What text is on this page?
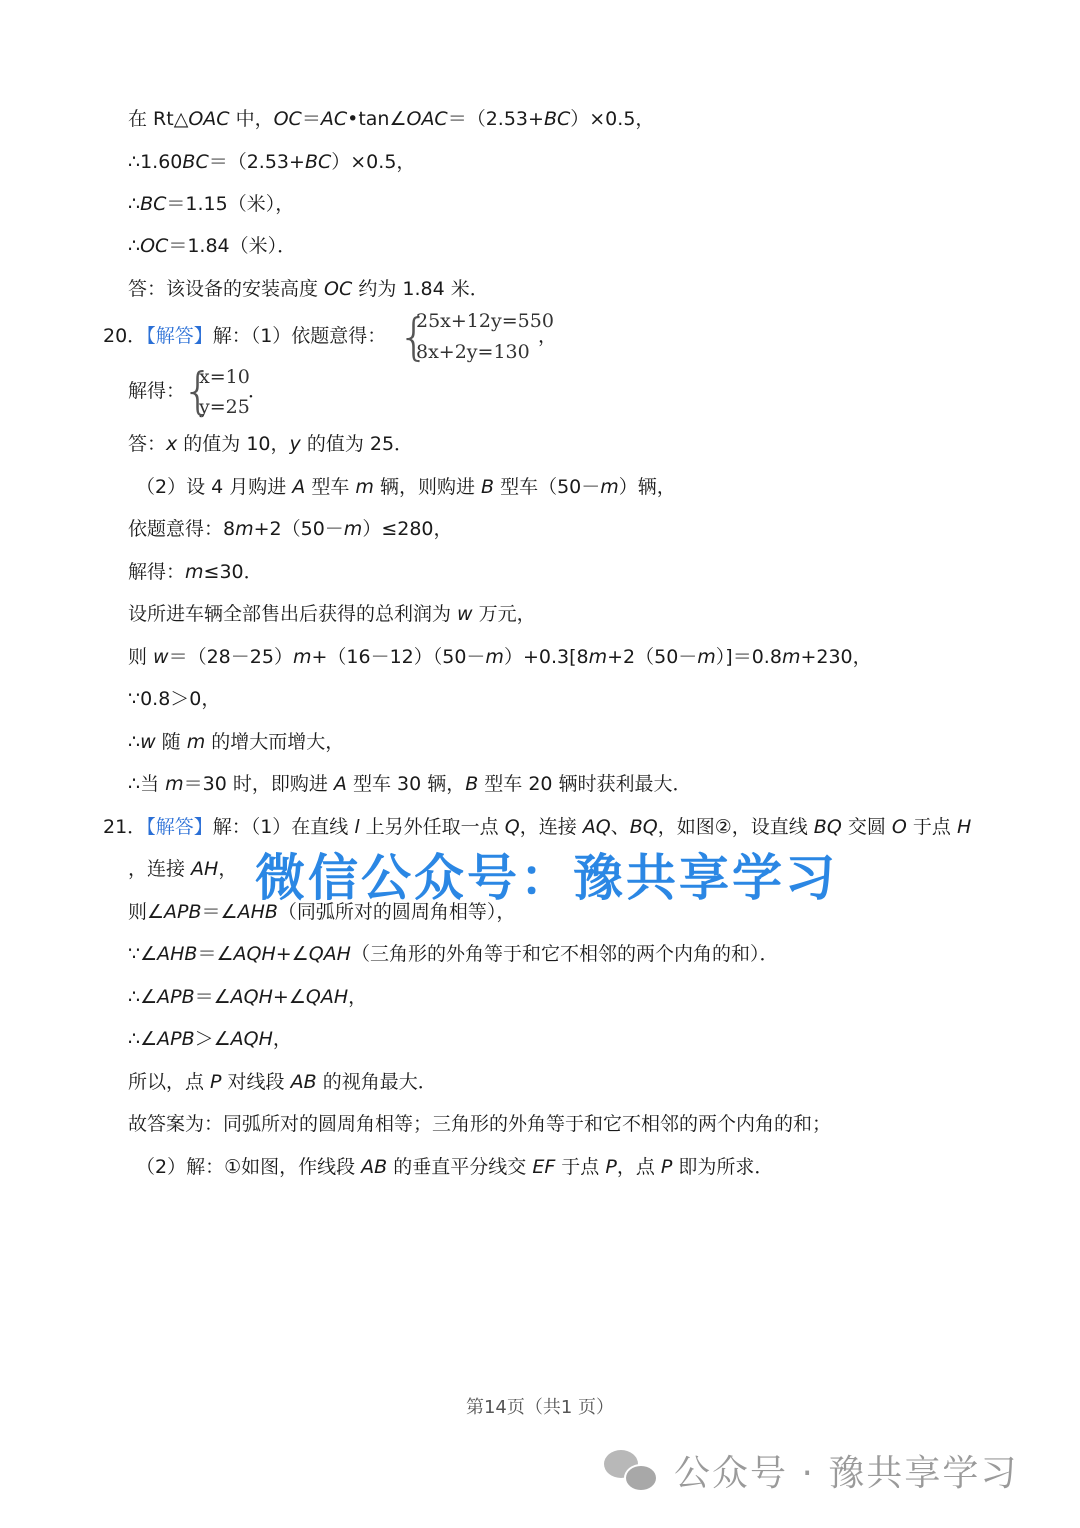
在 Rt△OAC 中，OC＝AC•tan∠OAC＝（2.53+BC）×0.5，
∴1.60BC＝（2.53+BC）×0.5，
∴BC＝1.15（米），
∴OC＝1.84（米）．
答：该设备的安装高度 OC 约为 1.84 米．
20．【解答】解：（1）依题意得：
解得：
答：x 的值为 10，y 的值为 25．
（2）设 4 月购进 A 型车 m 辆，则购进 B 型车（50－m）辆，
依题意得：8m+2（50－m）≤280，
解得：m≤30．
设所进车辆全部售出后获得的总利润为 w 万元，
则 w＝（28－25）m+（16－12）（50－m）+0.3[8m+2（50－m）]＝0.8m+230，
∵0.8＞0，
∴w 随 m 的增大而增大，
∴当 m＝30 时，即购进 A 型车 30 辆，B 型车 20 辆时获利最大．
21．【解答】解：（1）在直线 l 上另外任取一点 Q，连接 AQ、BQ，如图②，设直线 BQ 交圆 O 于点 H
，连接 AH，
则∠APB＝∠AHB（同弧所对的圆周角相等），
∵∠AHB＝∠AQH+∠QAH（三角形的外角等于和它不相邻的两个内角的和）．
∴∠APB＝∠AQH+∠QAH，
∴∠APB＞∠AQH，
所以，点 P 对线段 AB 的视角最大．
故答案为：同弧所对的圆周角相等；三角形的外角等于和它不相邻的两个内角的和；
（2）解：①如图，作线段 AB 的垂直平分线交 EF 于点 P，点 P 即为所求．
{
25x+12y=550
8x+2y=130
，
{
x=10
y=25
．
微信公众号：豫共享学习
第14页（共1 页）
公众号 · 豫共享学习
